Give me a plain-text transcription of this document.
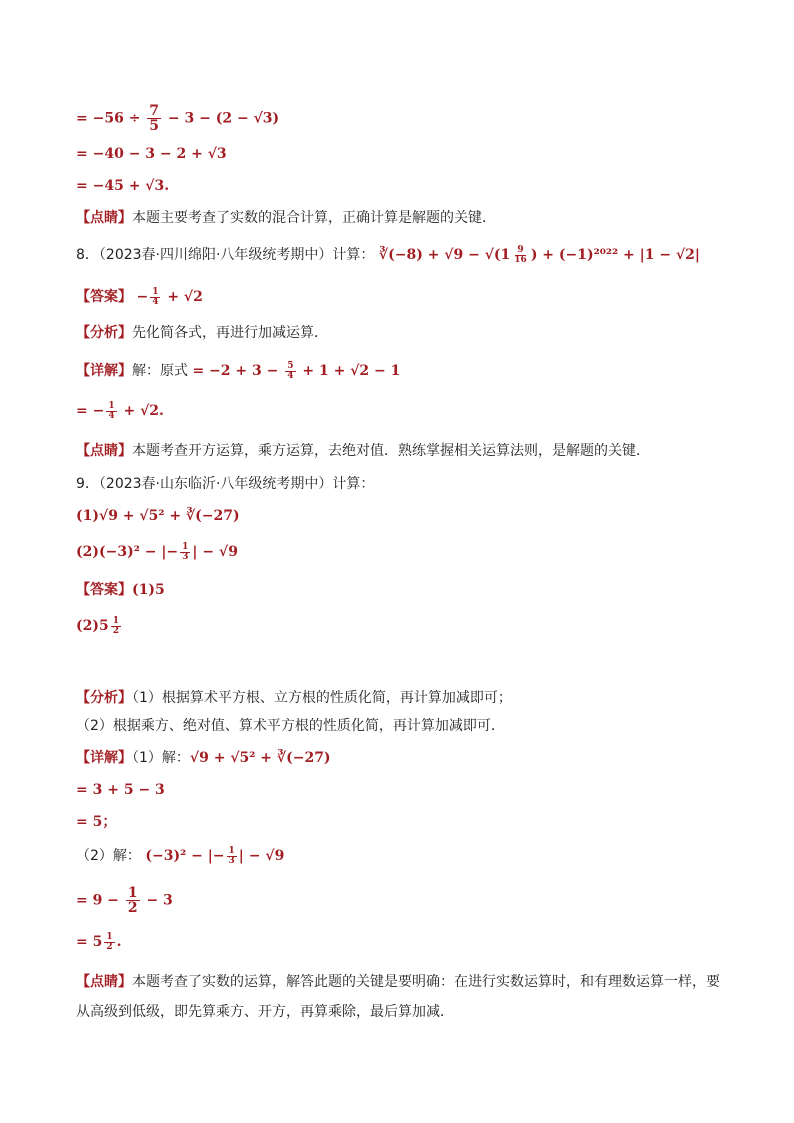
= $-56 \div \frac{7}{5} - 3 - (2 - √3)$
= −40 − 3 − 2 + √3
= −45 + √3.
【点睛】本题主要考查了实数的混合计算，正确计算是解题的关键．
8．（2023春·四川绵阳·八年级统考期中）计算： ∛(−8) + $√9 - √(1 \frac{9}{16}$ ) + (−1)²⁰²² + |1 − √2|
【答案】 − $\frac{1}{4} + √2$
【分析】先化简各式，再进行加减运算．
【详解】解：原式 = $-2 + 3 - \frac{5}{4} + 1 + √2 - 1$
= − $\frac{1}{4} + √2$.
【点睛】本题考查开方运算，乘方运算，去绝对值．熟练掌握相关运算法则，是解题的关键．
9．（2023春·山东临沂·八年级统考期中）计算：
(1)√9 + √5² + ∛(−27)
(2)(−3)² − |− $\frac{1}{3}$ | − √9
【答案】(1)5
$(2)5 \frac{1}{2}$
【分析】（1）根据算术平方根、立方根的性质化简，再计算加减即可；
（2）根据乘方、绝对值、算术平方根的性质化简，再计算加减即可．
【详解】（1）解：√9 + √5² + ∛(−27)
= 3 + 5 − 3
= 5；
（2）解： (−3)² − |− $\frac{1}{3}$ | − √9
= $9 - \frac{1}{2} - 3$
= $5 \frac{1}{2}$ .
【点睛】本题考查了实数的运算，解答此题的关键是要明确：在进行实数运算时，和有理数运算一样，要
从高级到低级，即先算乘方、开方，再算乘除，最后算加减．
